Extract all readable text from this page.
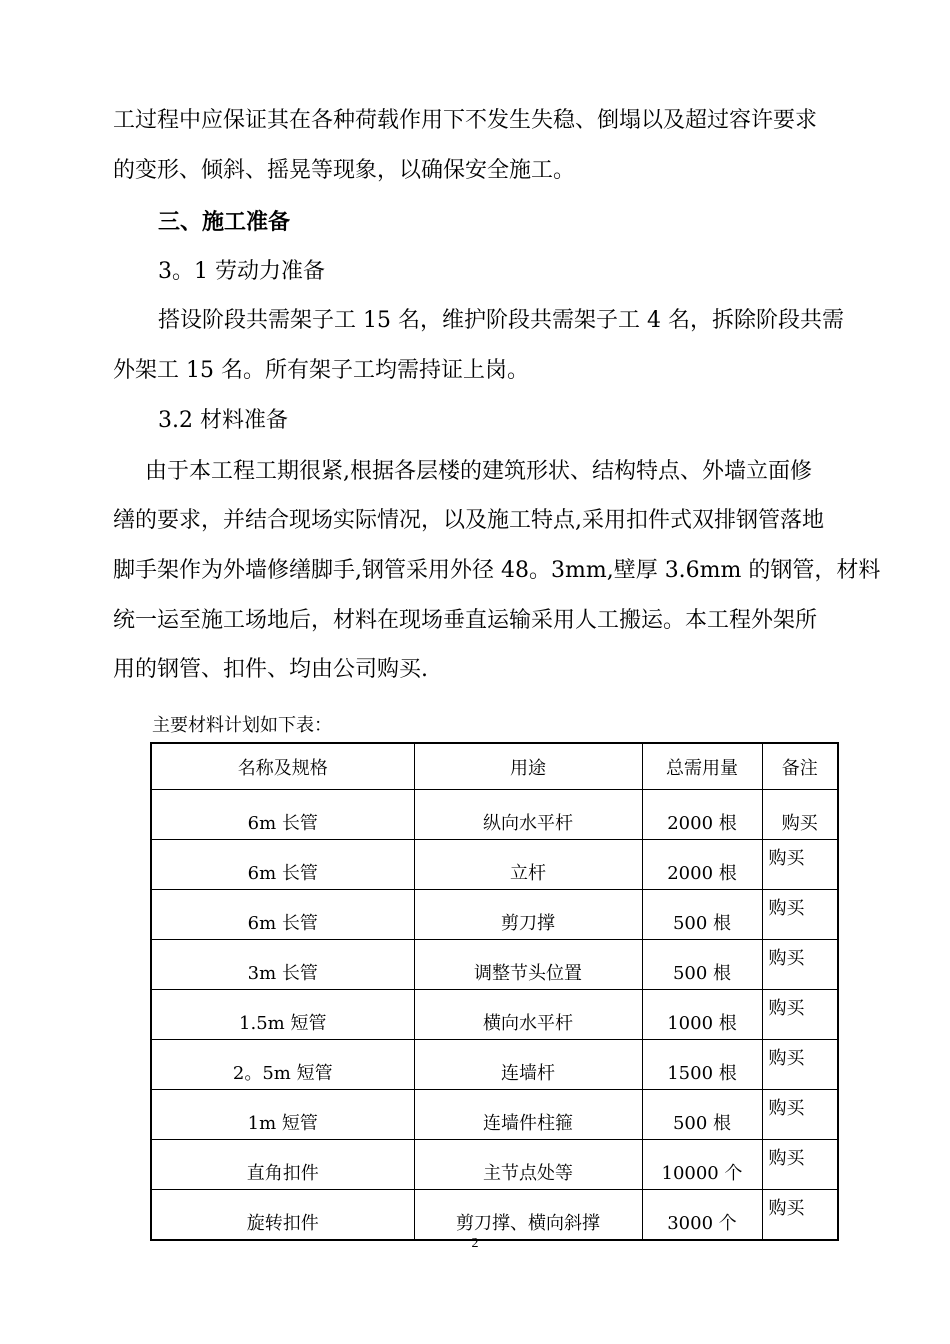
工过程中应保证其在各种荷载作用下不发生失稳、倒塌以及超过容许要求
的变形、倾斜、摇晃等现象，以确保安全施工。
三、施工准备
3。1 劳动力准备
搭设阶段共需架子工 15 名，维护阶段共需架子工 4 名，拆除阶段共需
外架工 15 名。所有架子工均需持证上岗。
3.2 材料准备
由于本工程工期很紧,根据各层楼的建筑形状、结构特点、外墙立面修
缮的要求，并结合现场实际情况，以及施工特点,采用扣件式双排钢管落地
脚手架作为外墙修缮脚手,钢管采用外径 48。3mm,壁厚 3.6mm 的钢管，材料
统一运至施工场地后，材料在现场垂直运输采用人工搬运。本工程外架所
用的钢管、扣件、均由公司购买.
主要材料计划如下表：
名称及规格	用途	总需用量	备注
6m 长管	纵向水平杆	2000 根	购买
6m 长管	立杆	2000 根	购买
6m 长管	剪刀撑	500 根	购买
3m 长管	调整节头位置	500 根	购买
1.5m 短管	横向水平杆	1000 根	购买
2。5m 短管	连墙杆	1500 根	购买
1m 短管	连墙件柱箍	500 根	购买
直角扣件	主节点处等	10000 个	购买
旋转扣件	剪刀撑、横向斜撑	3000 个	购买
2
